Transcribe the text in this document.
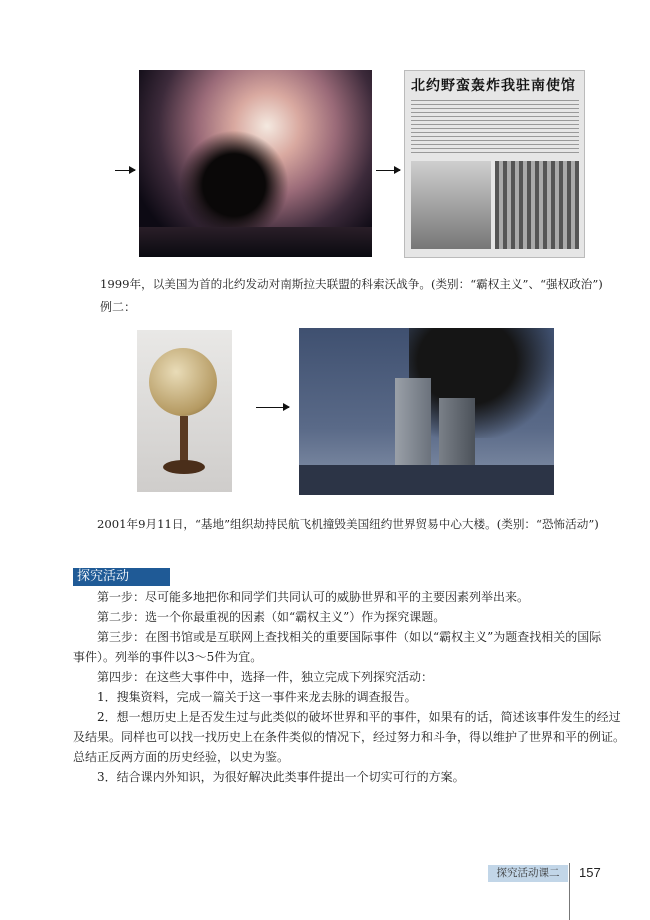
北约野蛮轰炸我驻南使馆
1999年，以美国为首的北约发动对南斯拉夫联盟的科索沃战争。(类别：“霸权主义”、“强权政治”)
例二：
2001年9月11日，“基地”组织劫持民航飞机撞毁美国纽约世界贸易中心大楼。(类别：“恐怖活动”)
探究活动
第一步：尽可能多地把你和同学们共同认可的威胁世界和平的主要因素列举出来。
第二步：选一个你最重视的因素（如“霸权主义”）作为探究课题。
第三步：在图书馆或是互联网上查找相关的重要国际事件（如以“霸权主义”为题查找相关的国际
事件）。列举的事件以3～5件为宜。
第四步：在这些大事件中，选择一件，独立完成下列探究活动：
1．搜集资料，完成一篇关于这一事件来龙去脉的调查报告。
2．想一想历史上是否发生过与此类似的破坏世界和平的事件，如果有的话，简述该事件发生的经过
及结果。同样也可以找一找历史上在条件类似的情况下，经过努力和斗争，得以维护了世界和平的例证。
总结正反两方面的历史经验，以史为鉴。
3．结合课内外知识，为很好解决此类事件提出一个切实可行的方案。
探究活动课二	157
